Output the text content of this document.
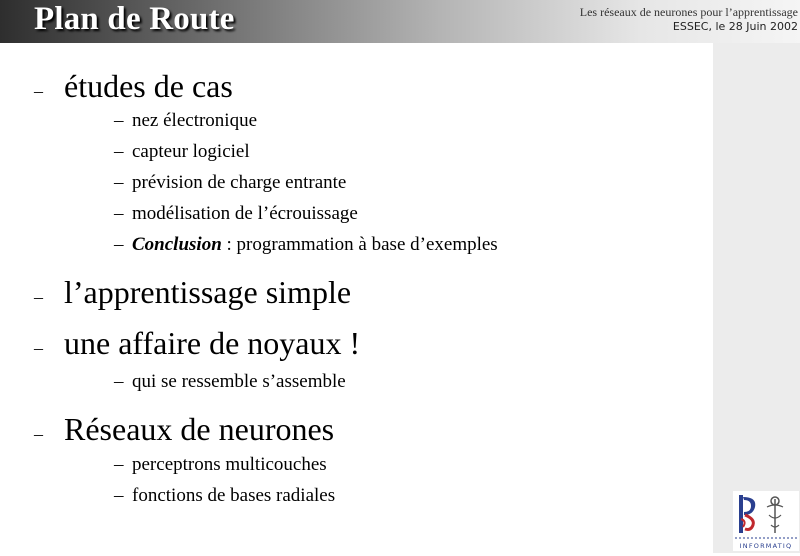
Plan de Route	Les réseaux de neurones pour l’apprentissage
ESSEC, le 28 Juin 2002
– études de cas
– nez électronique
– capteur logiciel
– prévision de charge entrante
– modélisation de l’écrouissage
– Conclusion : programmation à base d’exemples
– l’apprentissage simple
– une affaire de noyaux !
– qui se ressemble s’assemble
– Réseaux de neurones
– perceptrons multicouches
– fonctions de bases radiales
INFORMATIQ
